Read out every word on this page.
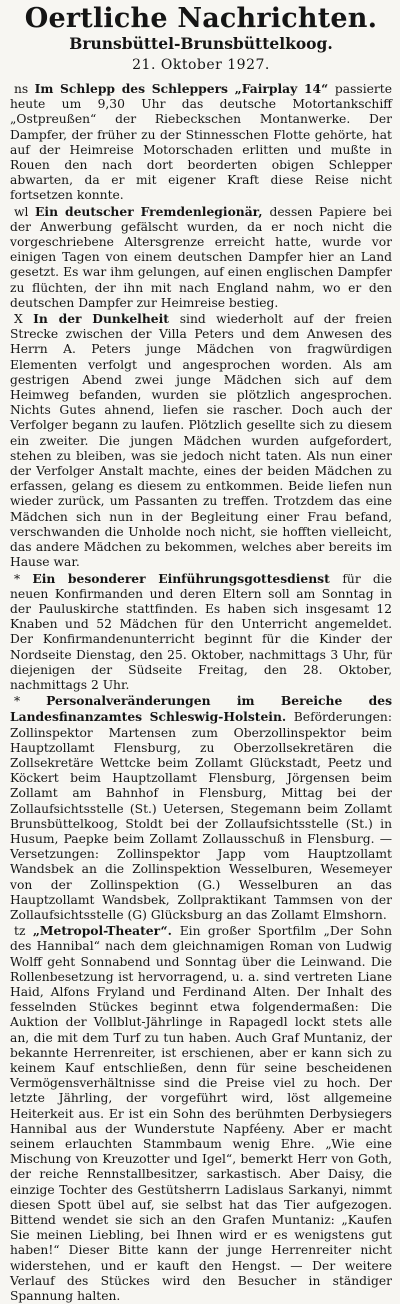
Oertliche Nachrichten.
Brunsbüttel-Brunsbüttelkoog.
21. Oktober 1927.

ns Im Schlepp des Schleppers „Fairplay 14“ passierte heute um 9,30 Uhr das deutsche Motortankschiff „Ostpreußen“ der Riebeckschen Montanwerke. Der Dampfer, der früher zu der Stinnesschen Flotte gehörte, hat auf der Heimreise Motorschaden erlitten und mußte in Rouen den nach dort beorderten obigen Schlepper abwarten, da er mit eigener Kraft diese Reise nicht fortsetzen konnte.

wl Ein deutscher Fremdenlegionär, dessen Papiere bei der Anwerbung gefälscht wurden, da er noch nicht die vorgeschriebene Altersgrenze erreicht hatte, wurde vor einigen Tagen von einem deutschen Dampfer hier an Land gesetzt. Es war ihm gelungen, auf einen englischen Dampfer zu flüchten, der ihn mit nach England nahm, wo er den deutschen Dampfer zur Heimreise bestieg.

X In der Dunkelheit sind wiederholt auf der freien Strecke zwischen der Villa Peters und dem Anwesen des Herrn A. Peters junge Mädchen von fragwürdigen Elementen verfolgt und angesprochen worden. Als am gestrigen Abend zwei junge Mädchen sich auf dem Heimweg befanden, wurden sie plötzlich angesprochen. Nichts Gutes ahnend, liefen sie rascher. Doch auch der Verfolger begann zu laufen. Plötzlich gesellte sich zu diesem ein zweiter. Die jungen Mädchen wurden aufgefordert, stehen zu bleiben, was sie jedoch nicht taten. Als nun einer der Verfolger Anstalt machte, eines der beiden Mädchen zu erfassen, gelang es diesem zu entkommen. Beide liefen nun wieder zurück, um Passanten zu treffen. Trotzdem das eine Mädchen sich nun in der Begleitung einer Frau befand, verschwanden die Unholde noch nicht, sie hofften vielleicht, das andere Mädchen zu bekommen, welches aber bereits im Hause war.

* Ein besonderer Einführungsgottesdienst für die neuen Konfirmanden und deren Eltern soll am Sonntag in der Pauluskirche stattfinden. Es haben sich insgesamt 12 Knaben und 52 Mädchen für den Unterricht angemeldet. Der Konfirmandenunterricht beginnt für die Kinder der Nordseite Dienstag, den 25. Oktober, nachmittags 3 Uhr, für diejenigen der Südseite Freitag, den 28. Oktober, nachmittags 2 Uhr.

* Personalveränderungen im Bereiche des Landesfinanzamtes Schleswig-Holstein. Beförderungen: Zollinspektor Martensen zum Oberzollinspektor beim Hauptzollamt Flensburg, zu Oberzollsekretären die Zollsekretäre Wettcke beim Zollamt Glückstadt, Peetz und Köckert beim Hauptzollamt Flensburg, Jörgensen beim Zollamt am Bahnhof in Flensburg, Mittag bei der Zollaufsichtsstelle (St.) Uetersen, Stegemann beim Zollamt Brunsbüttelkoog, Stoldt bei der Zollaufsichtsstelle (St.) in Husum, Paepke beim Zollamt Zollausschuß in Flensburg. — Versetzungen: Zollinspektor Japp vom Hauptzollamt Wandsbek an die Zollinspektion Wesselburen, Wesemeyer von der Zollinspektion (G.) Wesselburen an das Hauptzollamt Wandsbek, Zollpraktikant Tammsen von der Zollaufsichtsstelle (G) Glücksburg an das Zollamt Elmshorn.

tz „Metropol-Theater“. Ein großer Sportfilm „Der Sohn des Hannibal“ nach dem gleichnamigen Roman von Ludwig Wolff geht Sonnabend und Sonntag über die Leinwand. Die Rollenbesetzung ist hervorragend, u. a. sind vertreten Liane Haid, Alfons Fryland und Ferdinand Alten. Der Inhalt des fesselnden Stückes beginnt etwa folgendermaßen: Die Auktion der Vollblut-Jährlinge in Rapagedl lockt stets alle an, die mit dem Turf zu tun haben. Auch Graf Muntaniz, der bekannte Herrenreiter, ist erschienen, aber er kann sich zu keinem Kauf entschließen, denn für seine bescheidenen Vermögensverhältnisse sind die Preise viel zu hoch. Der letzte Jährling, der vorgeführt wird, löst allgemeine Heiterkeit aus. Er ist ein Sohn des berühmten Derbysiegers Hannibal aus der Wunderstute Napféeny. Aber er macht seinem erlauchten Stammbaum wenig Ehre. „Wie eine Mischung von Kreuzotter und Igel“, bemerkt Herr von Goth, der reiche Rennstallbesitzer, sarkastisch. Aber Daisy, die einzige Tochter des Gestütsherrn Ladislaus Sarkanyi, nimmt diesen Spott übel auf, sie selbst hat das Tier aufgezogen. Bittend wendet sie sich an den Grafen Muntaniz: „Kaufen Sie meinen Liebling, bei Ihnen wird er es wenigstens gut haben!“ Dieser Bitte kann der junge Herrenreiter nicht widerstehen, und er kauft den Hengst. — Der weitere Verlauf des Stückes wird den Besucher in ständiger Spannung halten.
